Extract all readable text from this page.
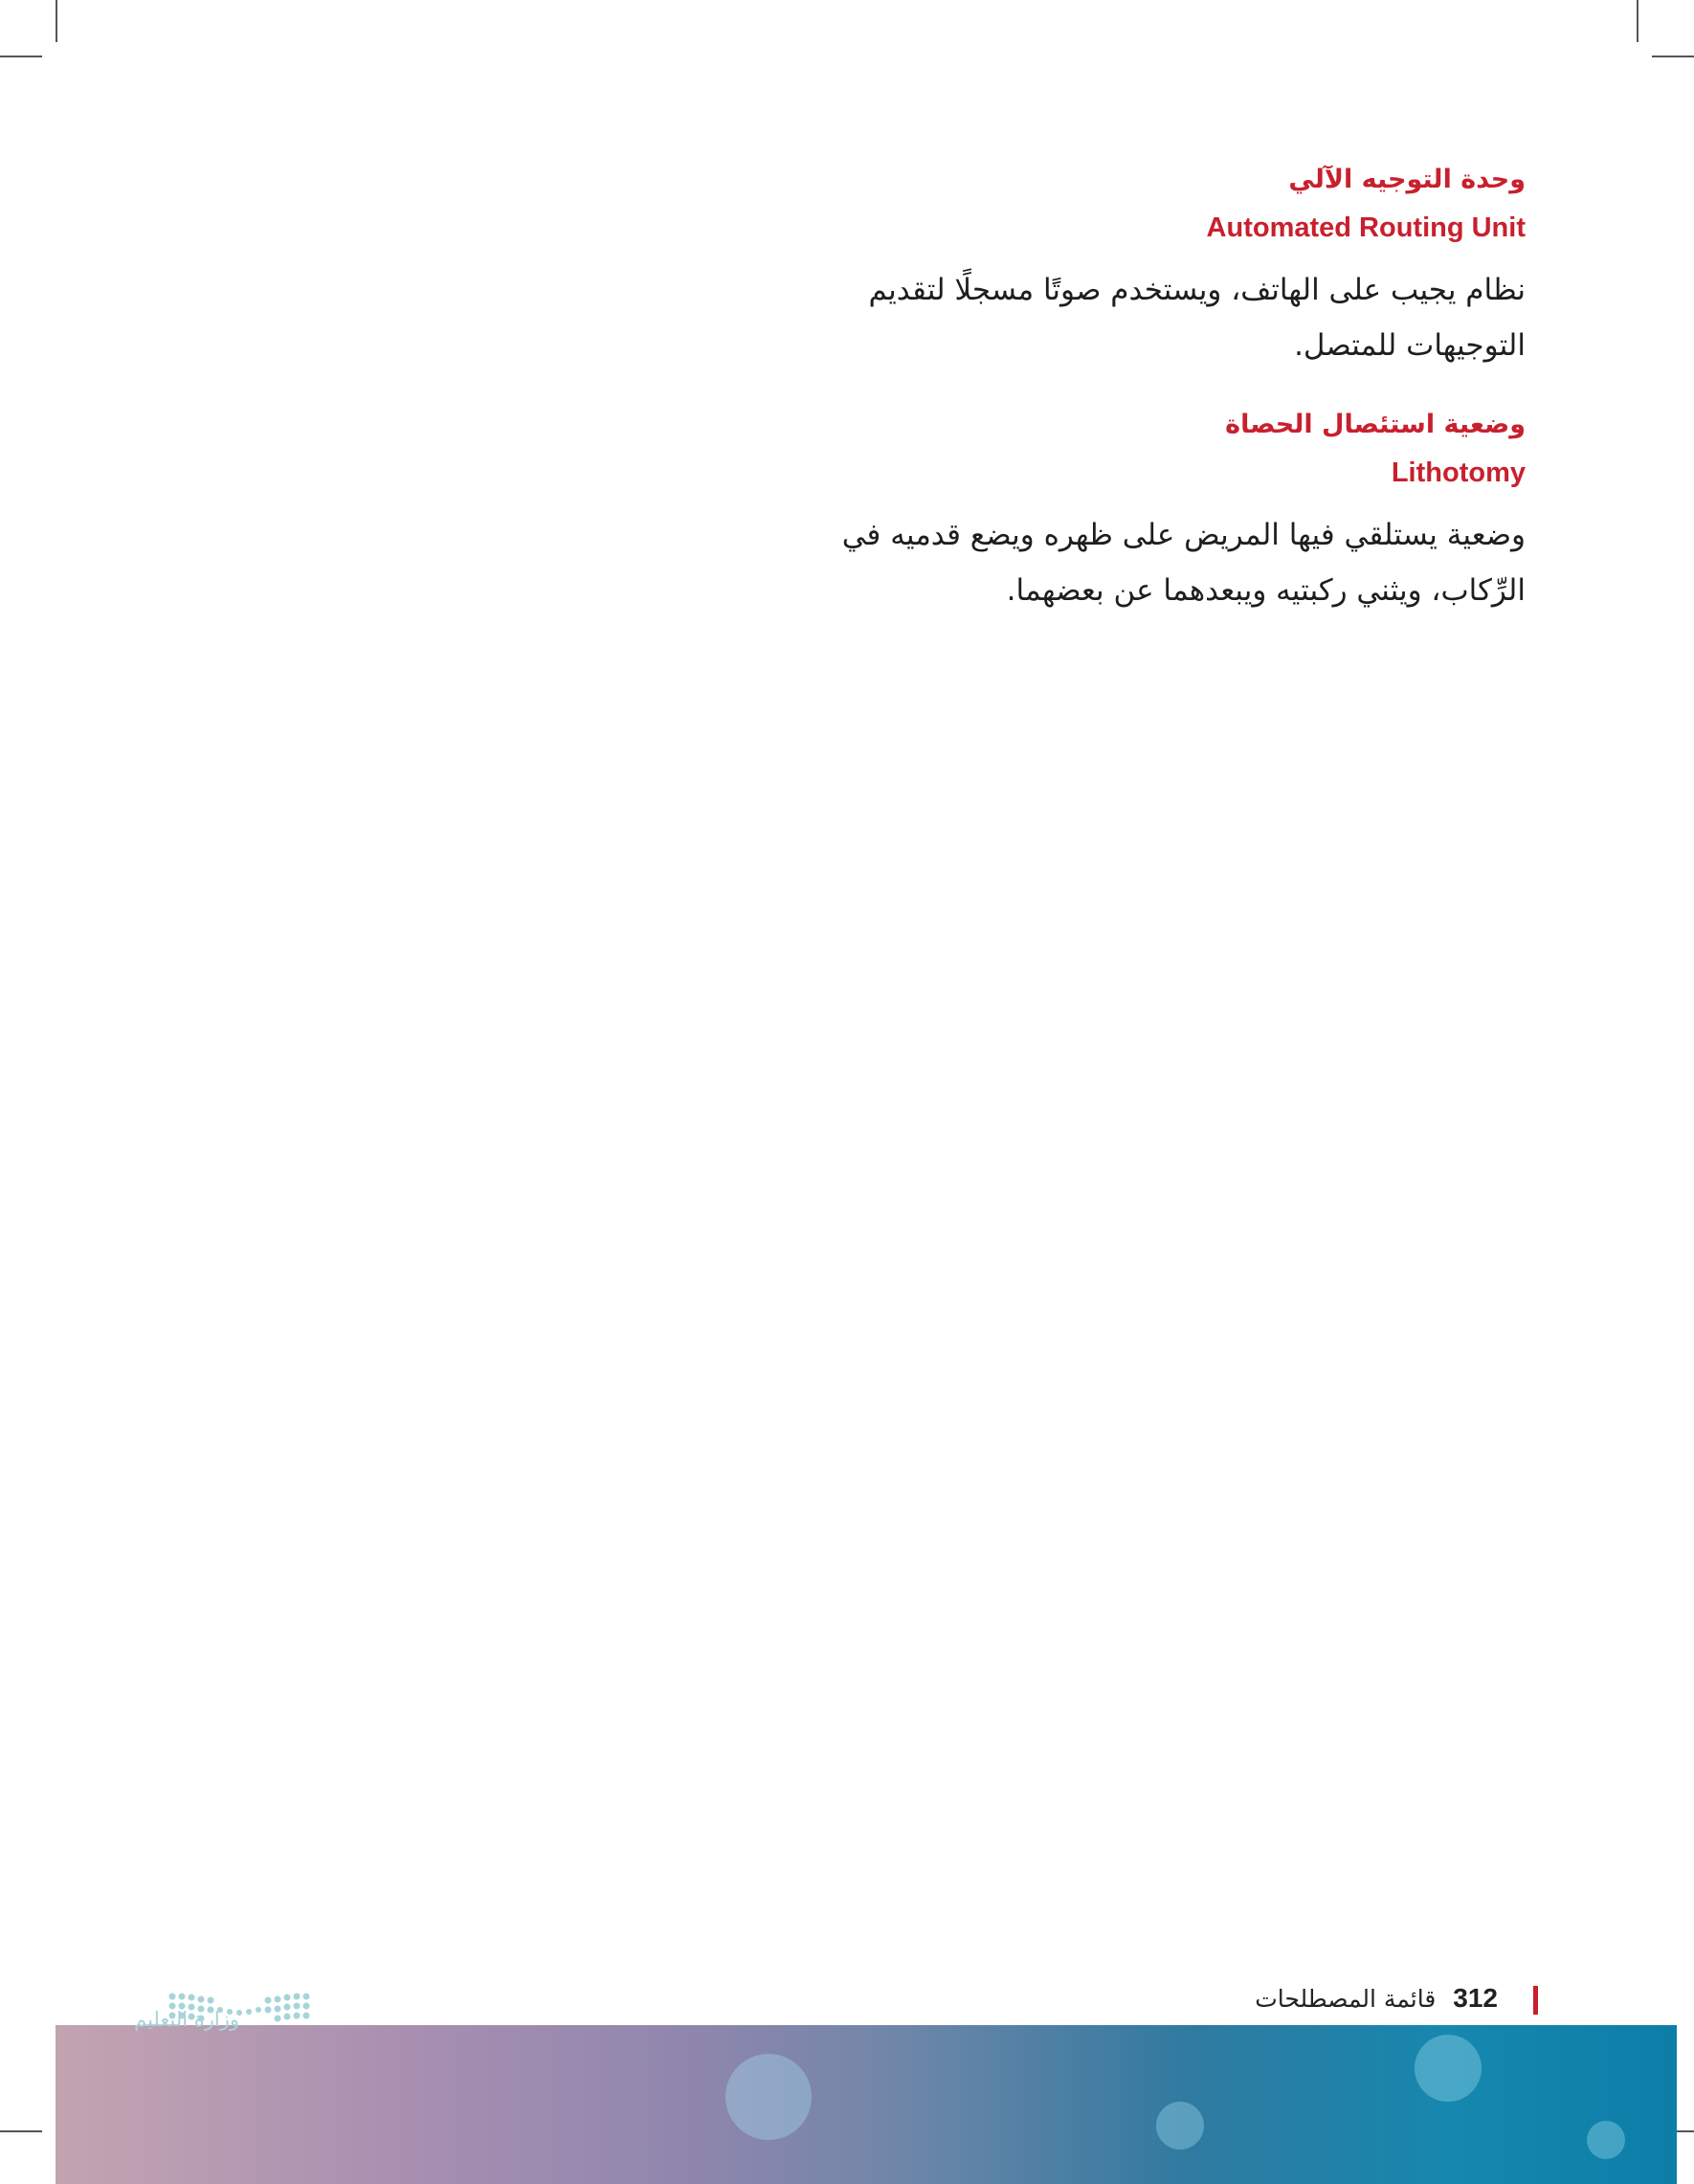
وحدة التوجيه الآلي
Automated Routing Unit
نظام يجيب على الهاتف، ويستخدم صوتًا مسجلًا لتقديم
التوجيهات للمتصل.
وضعية استئصال الحصاة
Lithotomy
وضعية يستلقي فيها المريض على ظهره ويضع قدميه في
الرِّكاب، ويثني ركبتيه ويبعدهما عن بعضهما.
312 قائمة المصطلحات
وزارة التعليم
